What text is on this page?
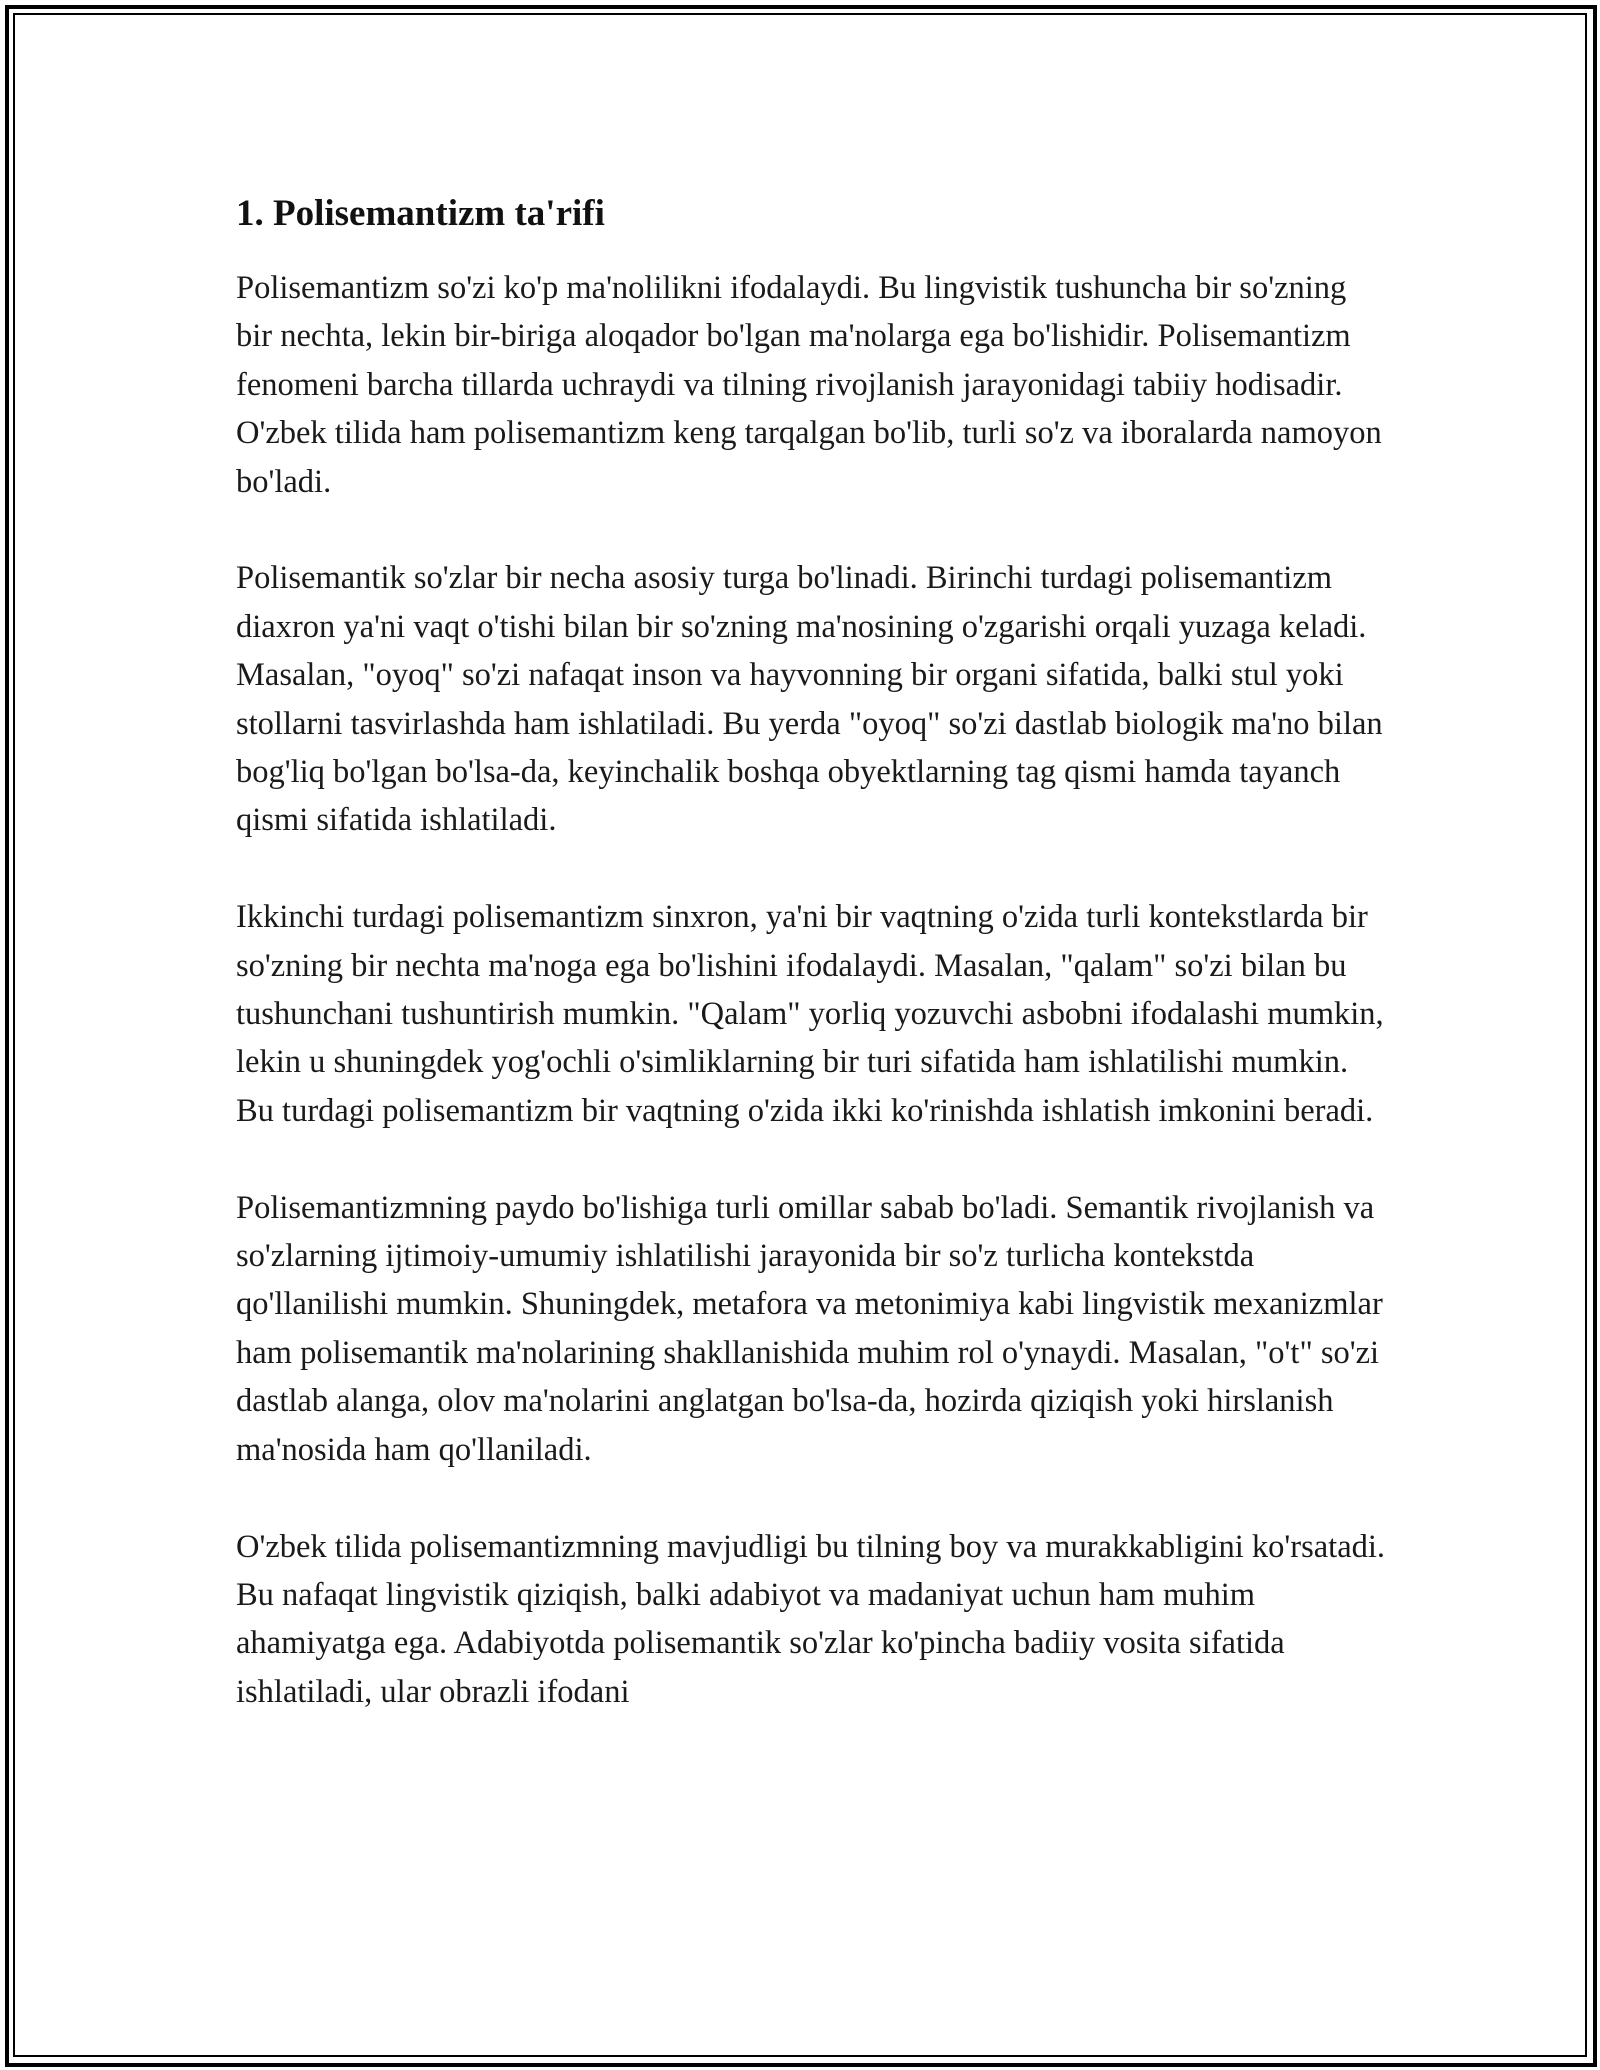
1. Polisemantizm ta'rifi

Polisemantizm so'zi ko'p ma'nolilikni ifodalaydi. Bu lingvistik tushuncha bir so'zning bir nechta, lekin bir-biriga aloqador bo'lgan ma'nolarga ega bo'lishidir. Polisemantizm fenomeni barcha tillarda uchraydi va tilning rivojlanish jarayonidagi tabiiy hodisadir. O'zbek tilida ham polisemantizm keng tarqalgan bo'lib, turli so'z va iboralarda namoyon bo'ladi.

Polisemantik so'zlar bir necha asosiy turga bo'linadi. Birinchi turdagi polisemantizm diaxron ya'ni vaqt o'tishi bilan bir so'zning ma'nosining o'zgarishi orqali yuzaga keladi. Masalan, "oyoq" so'zi nafaqat inson va hayvonning bir organi sifatida, balki stul yoki stollarni tasvirlashda ham ishlatiladi. Bu yerda "oyoq" so'zi dastlab biologik ma'no bilan bog'liq bo'lgan bo'lsa-da, keyinchalik boshqa obyektlarning tag qismi hamda tayanch qismi sifatida ishlatiladi.

Ikkinchi turdagi polisemantizm sinxron, ya'ni bir vaqtning o'zida turli kontekstlarda bir so'zning bir nechta ma'noga ega bo'lishini ifodalaydi. Masalan, "qalam" so'zi bilan bu tushunchani tushuntirish mumkin. "Qalam" yorliq yozuvchi asbobni ifodalashi mumkin, lekin u shuningdek yog'ochli o'simliklarning bir turi sifatida ham ishlatilishi mumkin. Bu turdagi polisemantizm bir vaqtning o'zida ikki ko'rinishda ishlatish imkonini beradi.

Polisemantizmning paydo bo'lishiga turli omillar sabab bo'ladi. Semantik rivojlanish va so'zlarning ijtimoiy-umumiy ishlatilishi jarayonida bir so'z turlicha kontekstda qo'llanilishi mumkin. Shuningdek, metafora va metonimiya kabi lingvistik mexanizmlar ham polisemantik ma'nolarining shakllanishida muhim rol o'ynaydi. Masalan, "o't" so'zi dastlab alanga, olov ma'nolarini anglatgan bo'lsa-da, hozirda qiziqish yoki hirslanish ma'nosida ham qo'llaniladi.

O'zbek tilida polisemantizmning mavjudligi bu tilning boy va murakkabligini ko'rsatadi. Bu nafaqat lingvistik qiziqish, balki adabiyot va madaniyat uchun ham muhim ahamiyatga ega. Adabiyotda polisemantik so'zlar ko'pincha badiiy vosita sifatida ishlatiladi, ular obrazli ifodani
